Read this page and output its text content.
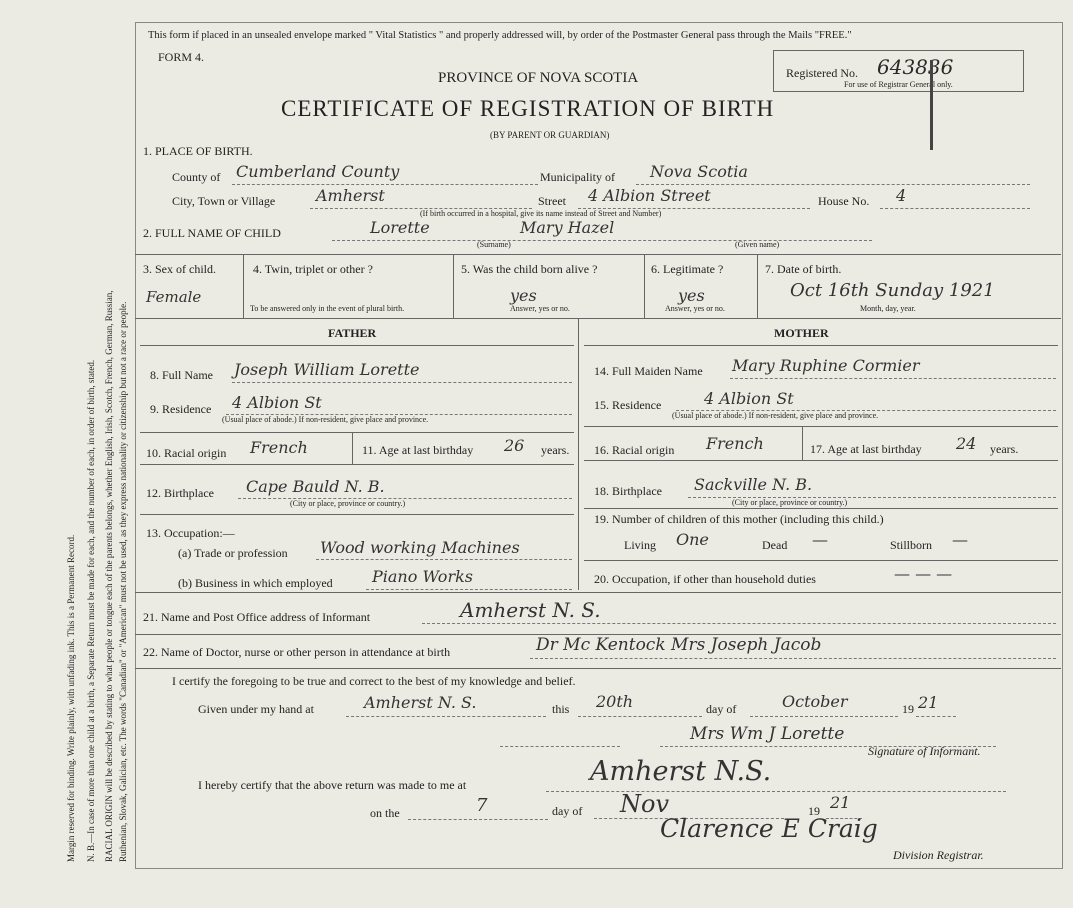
Margin reserved for binding. Write plainly, with unfading ink. This is a Permanent Record. N. B.—In case of more than one child at a birth, a Separate Return must be made for each, and the number of each, in order of birth, stated. RACIAL ORIGIN will be described by stating to what people or tongue each of the parents belongs, whether English, Irish, Scotch, French, German, Russian, Ruthenian, Slovak, Galician, etc. The words "Canadian" or "American" must not be used, as they express nationality or citizenship but not a race or people.
This form if placed in an unsealed envelope marked " Vital Statistics " and properly addressed will, by order of the Postmaster General pass through the Mails "FREE."
FORM 4.
PROVINCE OF NOVA SCOTIA
CERTIFICATE OF REGISTRATION OF BIRTH
(BY PARENT OR GUARDIAN)
Registered No. 643836
For use of Registrar General only.
1. PLACE OF BIRTH.
County of Cumberland County	Municipality of Nova Scotia
City, Town or Village	Amherst	Street 4 Albion Street	House No. 4
(If birth occurred in a hospital, give its name instead of Street and Number)
2. FULL NAME OF CHILD	Lorette	Mary Hazel
(Surname)	(Given name)
3. Sex of child.
Female
4. Twin, triplet or other ?
To be answered only in the event of plural birth.
5. Was the child born alive ?
yes
Answer, yes or no.
6. Legitimate ?
yes
Answer, yes or no.
7. Date of birth.
Oct 16th Sunday 1921
Month, day, year.
FATHER	MOTHER
8. Full Name Joseph William Lorette
9. Residence 4 Albion St
(Usual place of abode.) If non-resident, give place and province.
10. Racial origin French	11. Age at last birthday 26 years.
12. Birthplace Cape Bauld N. B.
(City or place, province or country.)
13. Occupation:—
(a) Trade or profession Wood working Machines
(b) Business in which employed Piano Works
14. Full Maiden Name Mary Ruphine Cormier
15. Residence	4 Albion St
(Usual place of abode.) If non-resident, give place and province.
16. Racial origin French	17. Age at last birthday 24 years.
18. Birthplace Sackville N. B.
(City or place, province or country.)
19. Number of children of this mother (including this child.)
Living One	Dead —	Stillborn —
20. Occupation, if other than household duties	— — —
21. Name and Post Office address of Informant	Amherst N. S.
22. Name of Doctor, nurse or other person in attendance at birth	Dr Mc Kentock Mrs Joseph Jacob
I certify the foregoing to be true and correct to the best of my knowledge and belief.
Given under my hand at	Amherst N. S.	this 20th	day of	October	19 21
Mrs Wm J Lorette
Signature of Informant.
I hereby certify that the above return was made to me at	Amherst N.S.
on the	7	day of Nov	19 21
Clarence E Craig
Division Registrar.
